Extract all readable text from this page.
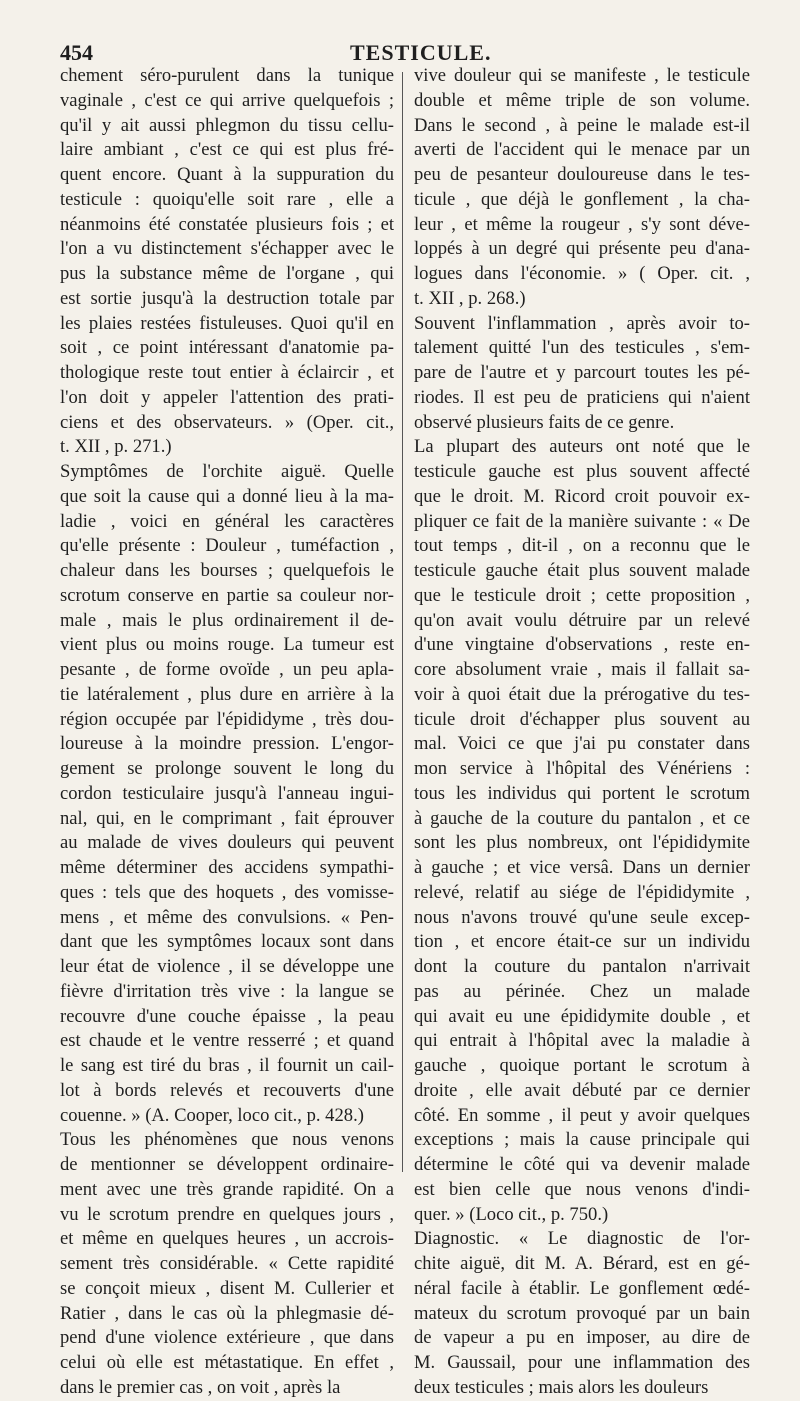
454	TESTICULE.
chement séro-purulent dans la tunique
vaginale , c'est ce qui arrive quelquefois ;
qu'il y ait aussi phlegmon du tissu cellu-
laire ambiant , c'est ce qui est plus fré-
quent encore. Quant à la suppuration du
testicule : quoiqu'elle soit rare , elle a
néanmoins été constatée plusieurs fois ; et
l'on a vu distinctement s'échapper avec le
pus la substance même de l'organe , qui
est sortie jusqu'à la destruction totale par
les plaies restées fistuleuses. Quoi qu'il en
soit , ce point intéressant d'anatomie pa-
thologique reste tout entier à éclaircir , et
l'on doit y appeler l'attention des prati-
ciens et des observateurs. » (Oper. cit.,
t. XII , p. 271.)
Symptômes de l'orchite aiguë. Quelle
que soit la cause qui a donné lieu à la ma-
ladie , voici en général les caractères
qu'elle présente : Douleur , tuméfaction ,
chaleur dans les bourses ; quelquefois le
scrotum conserve en partie sa couleur nor-
male , mais le plus ordinairement il de-
vient plus ou moins rouge. La tumeur est
pesante , de forme ovoïde , un peu apla-
tie latéralement , plus dure en arrière à la
région occupée par l'épididyme , très dou-
loureuse à la moindre pression. L'engor-
gement se prolonge souvent le long du
cordon testiculaire jusqu'à l'anneau ingui-
nal, qui, en le comprimant , fait éprouver
au malade de vives douleurs qui peuvent
même déterminer des accidens sympathi-
ques : tels que des hoquets , des vomisse-
mens , et même des convulsions. « Pen-
dant que les symptômes locaux sont dans
leur état de violence , il se développe une
fièvre d'irritation très vive : la langue se
recouvre d'une couche épaisse , la peau
est chaude et le ventre resserré ; et quand
le sang est tiré du bras , il fournit un cail-
lot à bords relevés et recouverts d'une
couenne. » (A. Cooper, loco cit., p. 428.)
Tous les phénomènes que nous venons
de mentionner se développent ordinaire-
ment avec une très grande rapidité. On a
vu le scrotum prendre en quelques jours ,
et même en quelques heures , un accrois-
sement très considérable. « Cette rapidité
se conçoit mieux , disent M. Cullerier et
Ratier , dans le cas où la phlegmasie dé-
pend d'une violence extérieure , que dans
celui où elle est métastatique. En effet ,
dans le premier cas , on voit , après la
vive douleur qui se manifeste , le testicule
double et même triple de son volume.
Dans le second , à peine le malade est-il
averti de l'accident qui le menace par un
peu de pesanteur douloureuse dans le tes-
ticule , que déjà le gonflement , la cha-
leur , et même la rougeur , s'y sont déve-
loppés à un degré qui présente peu d'ana-
logues dans l'économie. » ( Oper. cit. ,
t. XII , p. 268.)
Souvent l'inflammation , après avoir to-
talement quitté l'un des testicules , s'em-
pare de l'autre et y parcourt toutes les pé-
riodes. Il est peu de praticiens qui n'aient
observé plusieurs faits de ce genre.
La plupart des auteurs ont noté que le
testicule gauche est plus souvent affecté
que le droit. M. Ricord croit pouvoir ex-
pliquer ce fait de la manière suivante : « De
tout temps , dit-il , on a reconnu que le
testicule gauche était plus souvent malade
que le testicule droit ; cette proposition ,
qu'on avait voulu détruire par un relevé
d'une vingtaine d'observations , reste en-
core absolument vraie , mais il fallait sa-
voir à quoi était due la prérogative du tes-
ticule droit d'échapper plus souvent au
mal. Voici ce que j'ai pu constater dans
mon service à l'hôpital des Vénériens :
tous les individus qui portent le scrotum
à gauche de la couture du pantalon , et ce
sont les plus nombreux, ont l'épididymite
à gauche ; et vice versâ. Dans un dernier
relevé, relatif au siége de l'épididymite ,
nous n'avons trouvé qu'une seule excep-
tion , et encore était-ce sur un individu
dont la couture du pantalon n'arrivait
pas au périnée. Chez un malade
qui avait eu une épididymite double , et
qui entrait à l'hôpital avec la maladie à
gauche , quoique portant le scrotum à
droite , elle avait débuté par ce dernier
côté. En somme , il peut y avoir quelques
exceptions ; mais la cause principale qui
détermine le côté qui va devenir malade
est bien celle que nous venons d'indi-
quer. » (Loco cit., p. 750.)
Diagnostic. « Le diagnostic de l'or-
chite aiguë, dit M. A. Bérard, est en gé-
néral facile à établir. Le gonflement œdé-
mateux du scrotum provoqué par un bain
de vapeur a pu en imposer, au dire de
M. Gaussail, pour une inflammation des
deux testicules ; mais alors les douleurs
